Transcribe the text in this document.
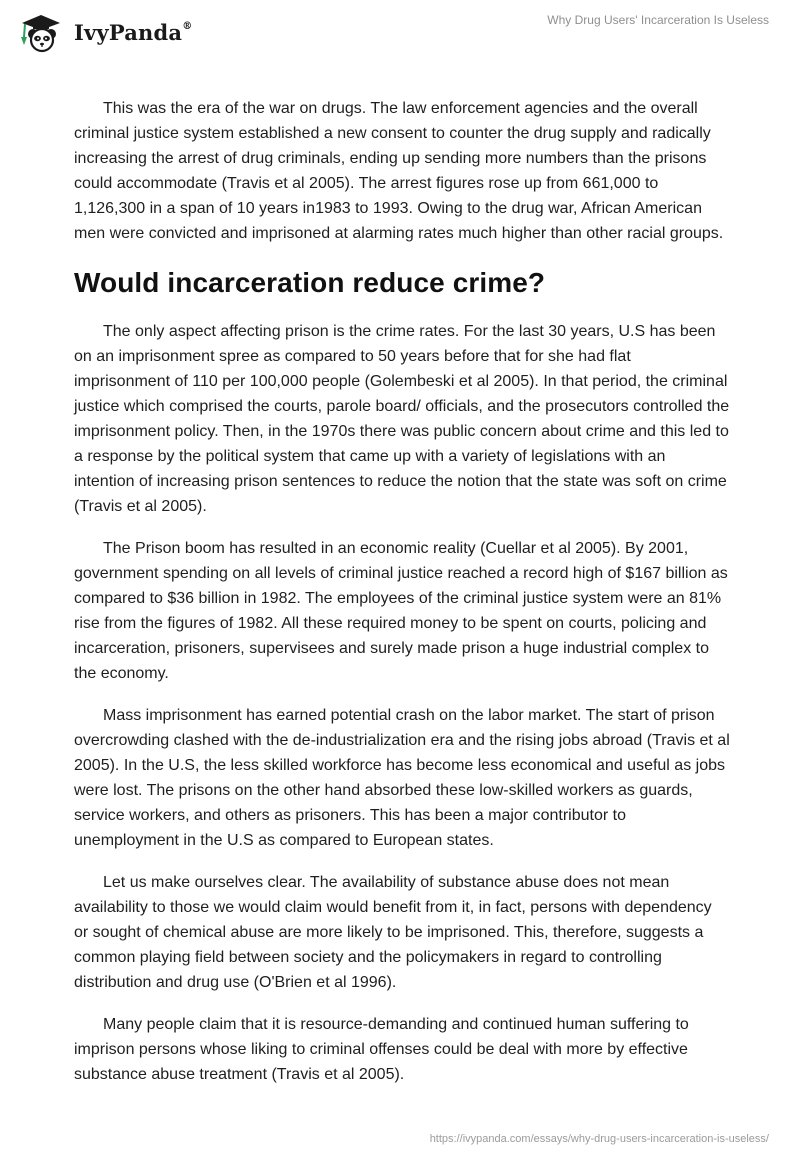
IvyPanda®	Why Drug Users' Incarceration Is Useless

This was the era of the war on drugs. The law enforcement agencies and the overall criminal justice system established a new consent to counter the drug supply and radically increasing the arrest of drug criminals, ending up sending more numbers than the prisons could accommodate (Travis et al 2005). The arrest figures rose up from 661,000 to 1,126,300 in a span of 10 years in1983 to 1993. Owing to the drug war, African American men were convicted and imprisoned at alarming rates much higher than other racial groups.

Would incarceration reduce crime?

The only aspect affecting prison is the crime rates. For the last 30 years, U.S has been on an imprisonment spree as compared to 50 years before that for she had flat imprisonment of 110 per 100,000 people (Golembeski et al 2005). In that period, the criminal justice which comprised the courts, parole board/ officials, and the prosecutors controlled the imprisonment policy. Then, in the 1970s there was public concern about crime and this led to a response by the political system that came up with a variety of legislations with an intention of increasing prison sentences to reduce the notion that the state was soft on crime (Travis et al 2005).

The Prison boom has resulted in an economic reality (Cuellar et al 2005). By 2001, government spending on all levels of criminal justice reached a record high of $167 billion as compared to $36 billion in 1982. The employees of the criminal justice system were an 81% rise from the figures of 1982. All these required money to be spent on courts, policing and incarceration, prisoners, supervisees and surely made prison a huge industrial complex to the economy.

Mass imprisonment has earned potential crash on the labor market. The start of prison overcrowding clashed with the de-industrialization era and the rising jobs abroad (Travis et al 2005). In the U.S, the less skilled workforce has become less economical and useful as jobs were lost. The prisons on the other hand absorbed these low-skilled workers as guards, service workers, and others as prisoners. This has been a major contributor to unemployment in the U.S as compared to European states.

Let us make ourselves clear. The availability of substance abuse does not mean availability to those we would claim would benefit from it, in fact, persons with dependency or sought of chemical abuse are more likely to be imprisoned. This, therefore, suggests a common playing field between society and the policymakers in regard to controlling distribution and drug use (O'Brien et al 1996).

Many people claim that it is resource-demanding and continued human suffering to imprison persons whose liking to criminal offenses could be deal with more by effective substance abuse treatment (Travis et al 2005).

https://ivypanda.com/essays/why-drug-users-incarceration-is-useless/
